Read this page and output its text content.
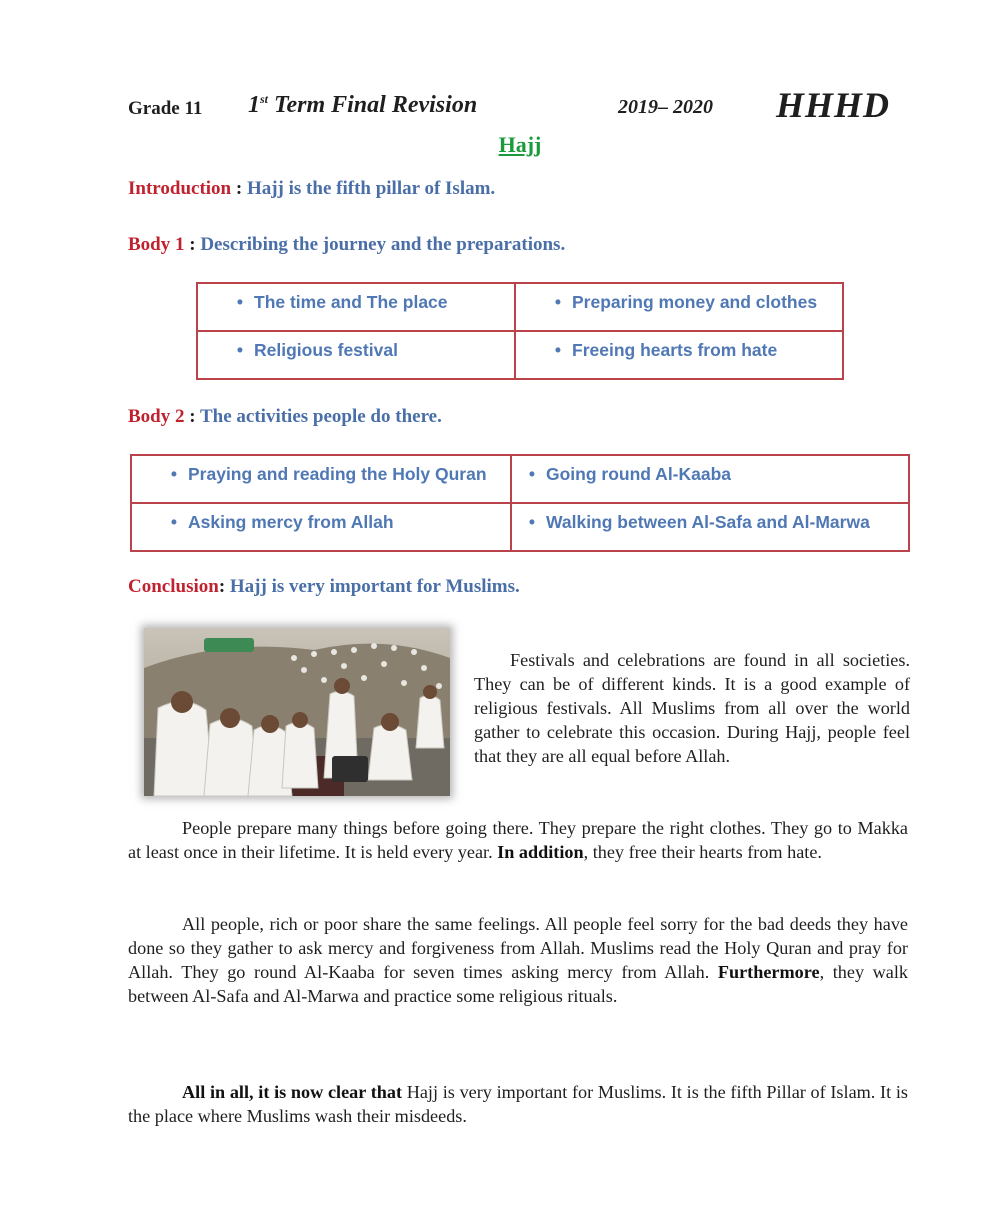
Grade 11 1st Term Final Revision	2019– 2020 HHHD
Hajj
Introduction : Hajj is the fifth pillar of Islam.
Body 1 : Describing the journey and the preparations.
• The time and The place	• Preparing money and clothes

• Religious festival	• Freeing hearts from hate
Body 2 : The activities people do there.
• Praying and reading the Holy Quran	• Going round Al-Kaaba

• Asking mercy from Allah	• Walking between Al-Safa and Al-Marwa
Conclusion: Hajj is very important for Muslims.
Festivals and celebrations are found in all societies. They can be of different kinds. It is a good example of religious festivals. All Muslims from all over the world gather to celebrate this occasion. During Hajj, people feel that they are all equal before Allah.
People prepare many things before going there. They prepare the right clothes. They go to Makka at least once in their lifetime. It is held every year. In addition, they free their hearts from hate.
All people, rich or poor share the same feelings. All people feel sorry for the bad deeds they have done so they gather to ask mercy and forgiveness from Allah. Muslims read the Holy Quran and pray for Allah. They go round Al-Kaaba for seven times asking mercy from Allah. Furthermore, they walk between Al-Safa and Al-Marwa and practice some religious rituals.
All in all, it is now clear that Hajj is very important for Muslims. It is the fifth Pillar of Islam. It is the place where Muslims wash their misdeeds.
